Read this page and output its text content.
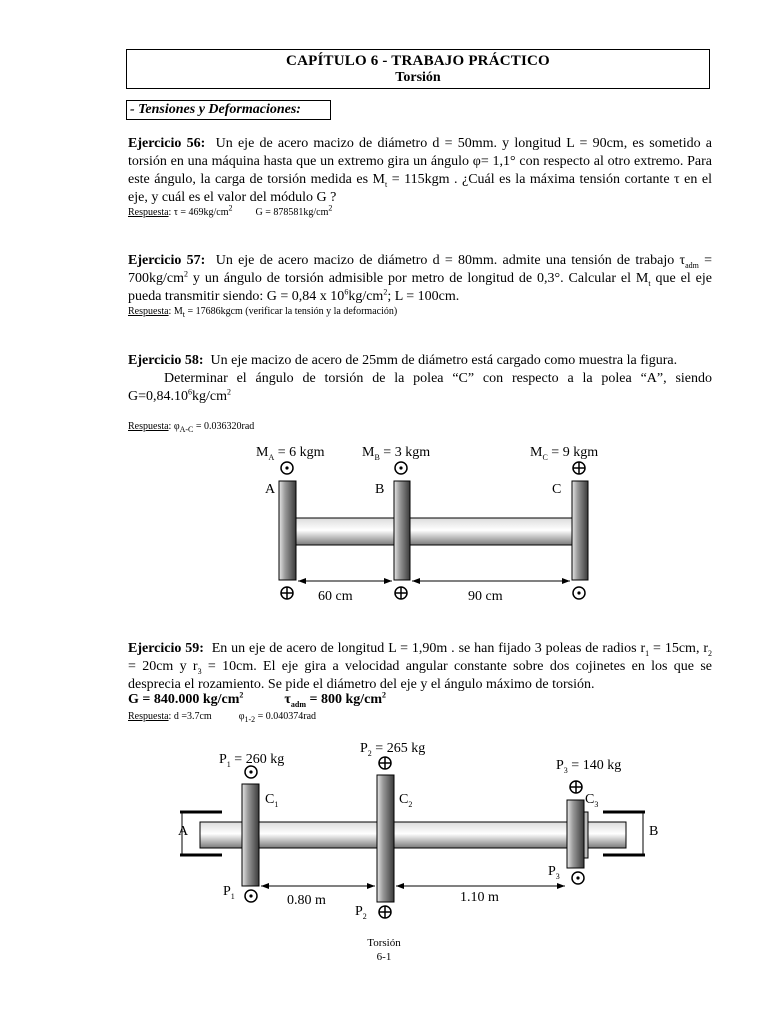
CAPÍTULO 6 - TRABAJO PRÁCTICO
Torsión
- Tensiones y Deformaciones:
Ejercicio 56: Un eje de acero macizo de diámetro d = 50mm. y longitud L = 90cm, es sometido a torsión en una máquina hasta que un extremo gira un ángulo φ= 1,1° con respecto al otro extremo. Para este ángulo, la carga de torsión medida es $M_t = 115kgm$ . ¿Cuál es la máxima tensión cortante τ en el eje, y cuál es el valor del módulo G ?
Respuesta: $\tau = 469kg/cm^2$ $G = 878581kg/cm^2$
Ejercicio 57: Un eje de acero macizo de diámetro d = 80mm. admite una tensión de trabajo $\tau_{adm} = 700kg/cm^2$ y un ángulo de torsión admisible por metro de longitud de 0,3°. Calcular el $M_t$ que el eje pueda transmitir siendo: G = 0,84 x $10^6kg/cm^2$; L = 100cm.
Respuesta: $M_t$ = 17686kgcm (verificar la tensión y la deformación)
Ejercicio 58: Un eje macizo de acero de 25mm de diámetro está cargado como muestra la figura.
Determinar el ángulo de torsión de la polea “C” con respecto a la polea “A”, siendo $G=0,84.10^6kg/cm^2$
Respuesta: $\varphi_{A-C} = 0.036320rad$
$M_A = 6$ kgm	$M_B = 3$ kgm	$M_C = 9$ kgm
A	B	C
60 cm	90 cm
Ejercicio 59: En un eje de acero de longitud L = 1,90m . se han fijado 3 poleas de radios $r_1 = 15cm$, $r_2 = 20cm$ y $r_3 = 10cm$. El eje gira a velocidad angular constante sobre dos cojinetes en los que se desprecia el rozamiento. Se pide el diámetro del eje y el ángulo máximo de torsión.
G = 840.000 $kg/cm^2$	$\tau_{adm} = 800$ $kg/cm^2$
Respuesta: d =3.7cm	$\varphi_{1-2} = 0.040374rad$
$P_1 = 260$ kg
$P_2 = 265$ kg
$P_3 = 140$ kg
$C_1$	$C_2$	$C_3$
A	B
$P_1$
$P_2$
$P_3$
0.80 m	1.10 m
Torsión
6-1
